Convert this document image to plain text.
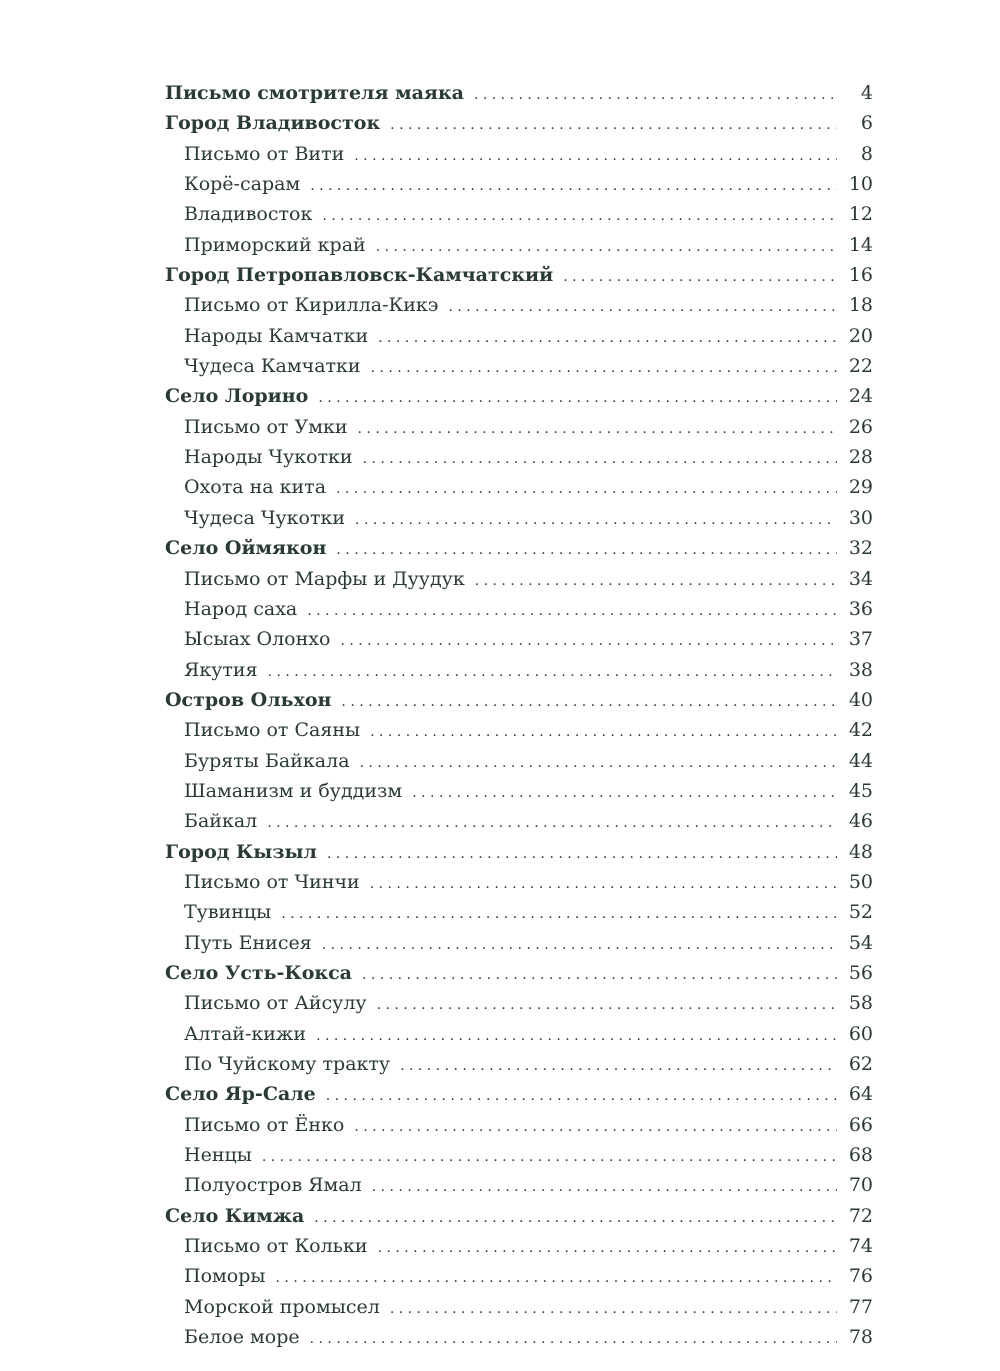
Письмо смотрителя маяка . . .	4
Город Владивосток . . .	6
Письмо от Вити . . .	8
Корё-сарам . . .	10
Владивосток . . .	12
Приморский край . . .	14
Город Петропавловск-Камчатский . . .	16
Письмо от Кирилла-Кикэ . . .	18
Народы Камчатки . . .	20
Чудеса Камчатки . . .	22
Село Лорино . . .	24
Письмо от Умки . . .	26
Народы Чукотки . . .	28
Охота на кита . . .	29
Чудеса Чукотки . . .	30
Село Оймякон . . .	32
Письмо от Марфы и Дуудук . . .	34
Народ саха . . .	36
Ысыах Олонхо . . .	37
Якутия . . .	38
Остров Ольхон . . .	40
Письмо от Саяны . . .	42
Буряты Байкала . . .	44
Шаманизм и буддизм . . .	45
Байкал . . .	46
Город Кызыл . . .	48
Письмо от Чинчи . . .	50
Тувинцы . . .	52
Путь Енисея . . .	54
Село Усть-Кокса . . .	56
Письмо от Айсулу . . .	58
Алтай-кижи . . .	60
По Чуйскому тракту . . .	62
Село Яр-Сале . . .	64
Письмо от Ёнко . . .	66
Ненцы . . .	68
Полуостров Ямал . . .	70
Село Кимжа . . .	72
Письмо от Кольки . . .	74
Поморы . . .	76
Морской промысел . . .	77
Белое море . . .	78
